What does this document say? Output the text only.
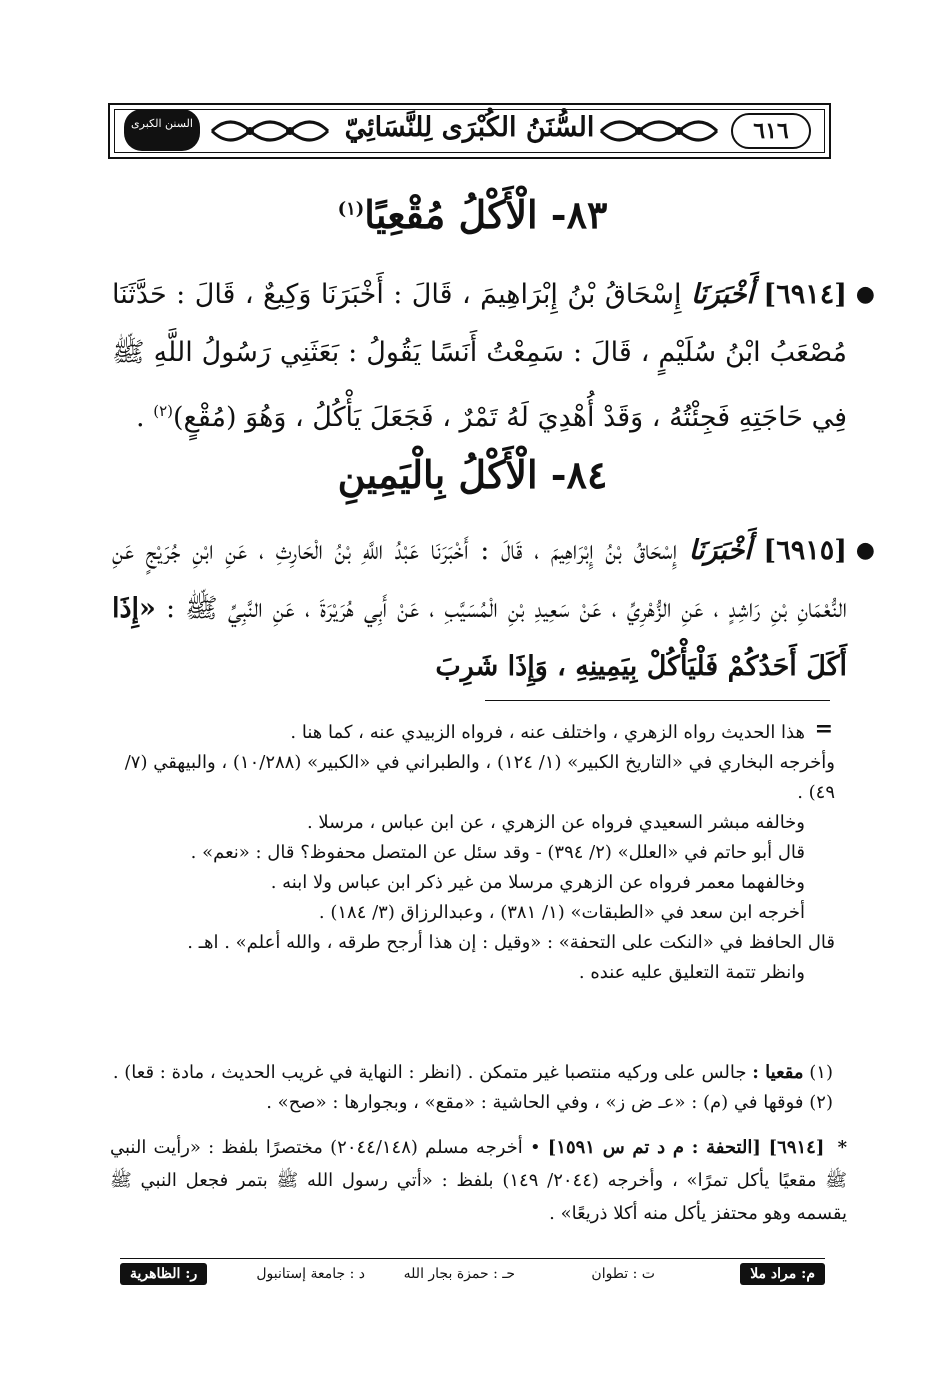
السنن الكبرى	السُّنَنُ الكُبْرَى لِلنَّسَائِيّ	٦١٦
٨٣- الْأَكْلُ مُقْعِيًا$^{(١)}$
●
[٦٩١٤] أَخْبَرَنَا إِسْحَاقُ بْنُ إِبْرَاهِيمَ ، قَالَ : أَخْبَرَنَا وَكِيعٌ ، قَالَ : حَدَّثَنَا مُصْعَبُ ابْنُ سُلَيْمٍ ، قَالَ : سَمِعْتُ أَنَسًا يَقُولُ : بَعَثَنِي رَسُولُ اللَّهِ ﷺ فِي حَاجَتِهِ فَجِئْتُهُ ، وَقَدْ أُهْدِيَ لَهُ تَمْرٌ ، فَجَعَلَ يَأْكُلُ ، وَهُوَ (مُقْعٍ)$^{(٢)}$ .
٨٤- الْأَكْلُ بِالْيَمِينِ
●
[٦٩١٥] أَخْبَرَنَا إِسْحَاقُ بْنُ إِبْرَاهِيمَ ، قَالَ : أَخْبَرَنَا عَبْدُ اللَّهِ بْنُ الْحَارِثِ ، عَنِ ابْنِ جُرَيْجٍ عَنِ النُّعْمَانِ بْنِ رَاشِدٍ ، عَنِ الزُّهْرِيِّ ، عَنْ سَعِيدِ بْنِ الْمُسَيَّبِ ، عَنْ أَبِي هُرَيْرَةَ ، عَنِ النَّبِيِّ ﷺ : «إِذَا أَكَلَ أَحَدُكُمْ فَلْيَأْكُلْ بِيَمِينِهِ ، وَإِذَا شَرِبَ
=

هذا الحديث رواه الزهري ، واختلف عنه ، فرواه الزبيدي عنه ، كما هنا .

وأخرجه البخاري في «التاريخ الكبير» (١/ ١٢٤) ، والطبراني في «الكبير» (١٠/٢٨٨) ، والبيهقي (٧/ ٤٩) .

وخالفه مبشر السعيدي فرواه عن الزهري ، عن ابن عباس ، مرسلا .

قال أبو حاتم في «العلل» (٢/ ٣٩٤) - وقد سئل عن المتصل محفوظ؟ قال : «نعم» .

وخالفهما معمر فرواه عن الزهري مرسلا من غير ذكر ابن عباس ولا ابنه .

أخرجه ابن سعد في «الطبقات» (١/ ٣٨١) ، وعبدالرزاق (٣/ ١٨٤) .

قال الحافظ في «النكت على التحفة» : «وقيل : إن هذا أرجح طرقه ، والله أعلم» . اهـ .

وانظر تتمة التعليق عليه عنده .

(١) مقعيا : جالس على وركيه منتصبا غير متمكن . (انظر : النهاية في غريب الحديث ، مادة : قعا) .

(٢) فوقها في (م) : «عـ ض ز» ، وفي الحاشية : «مقع» ، وبجوارها : «صح» .

* [٦٩١٤] [التحفة : م د تم س ١٥٩١] • أخرجه مسلم (٢٠٤٤/١٤٨) مختصرًا بلفظ : «رأيت النبي ﷺ مقعيًا يأكل تمرًا» ، وأخرجه (٢٠٤٤/ ١٤٩) بلفظ : «أتي رسول الله ﷺ بتمر فجعل النبي ﷺ يقسمه وهو محتفز يأكل منه أكلا ذريعًا» .
م: مراد ملا
ت : تطوان
حـ : حمزة بجار الله
د : جامعة إستانبول
ر: الظاهرية
